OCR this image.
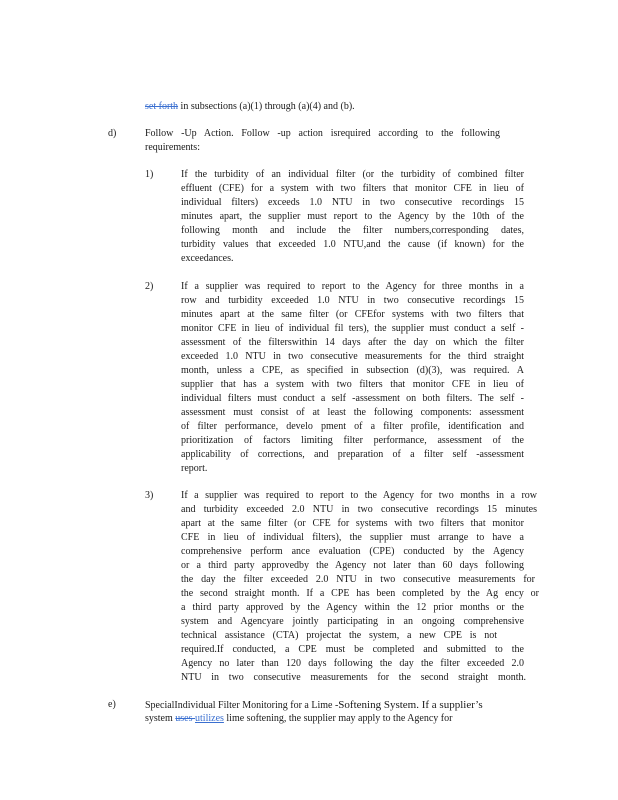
set forth in subsections (a)(1) through (a)(4) and (b).
d)	Follow -Up Action. Follow -up action isrequired according to the following
requirements:
1)	If the turbidity of an individual filter (or the turbidity of combined filter
effluent (CFE) for a system with two filters that monitor CFE in lieu of
individual filters) exceeds 1.0 NTU in two consecutive recordings 15
minutes apart, the supplier must report to the Agency by the 10th of the
following month and include the filter numbers,corresponding dates,
turbidity values that exceeded 1.0 NTU,and the cause (if known) for the
exceedances.
2)	If a supplier was required to report to the Agency for three months in a
row and turbidity exceeded 1.0 NTU in two consecutive recordings 15
minutes apart at the same filter (or CFEfor systems with two filters that
monitor CFE in lieu of individual fil ters), the supplier must conduct a self -
assessment of the filterswithin 14 days after the day on which the filter
exceeded 1.0 NTU in two consecutive measurements for the third straight
month, unless a CPE, as specified in subsection (d)(3), was required. A
supplier that has a system with two filters that monitor CFE in lieu of
individual filters must conduct a self -assessment on both filters. The self -
assessment must consist of at least the following components: assessment
of filter performance, develo pment of a filter profile, identification and
prioritization of factors limiting filter performance, assessment of the
applicability of corrections, and preparation of a filter self -assessment
report.
3)	If a supplier was required to report to the Agency for two months in a row
and turbidity exceeded 2.0 NTU in two consecutive recordings 15 minutes
apart at the same filter (or CFE for systems with two filters that monitor
CFE in lieu of individual filters), the supplier must arrange to have a
comprehensive perform ance evaluation (CPE) conducted by the Agency
or a third party approvedby the Agency not later than 60 days following
the day the filter exceeded 2.0 NTU in two consecutive measurements for
the second straight month. If a CPE has been completed by the Ag ency or
a third party approved by the Agency within the 12 prior months or the
system and Agencyare jointly participating in an ongoing comprehensive
technical assistance (CTA) projectat the system, a new CPE is not
required.If conducted, a CPE must be completed and submitted to the
Agency no later than 120 days following the day the filter exceeded 2.0
NTU in two consecutive measurements for the second straight month.
e)	SpecialIndividual Filter Monitoring for a Lime -Softening System. If a supplier’s
system uses utilizes lime softening, the supplier may apply to the Agency for
